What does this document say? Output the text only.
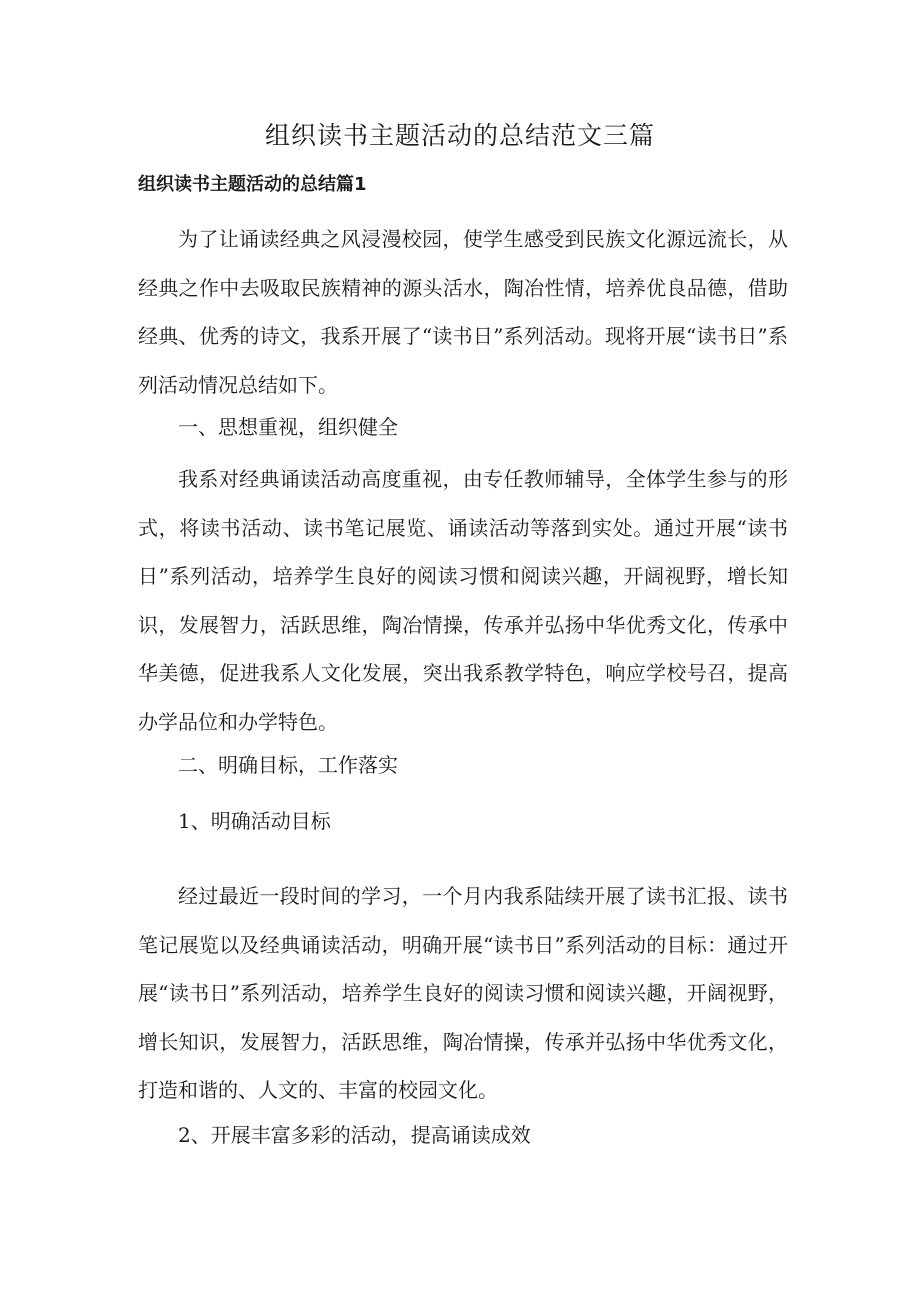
组织读书主题活动的总结范文三篇
组织读书主题活动的总结篇1

为了让诵读经典之风浸漫校园，使学生感受到民族文化源远流长，从经典之作中去吸取民族精神的源头活水，陶冶性情，培养优良品德，借助经典、优秀的诗文，我系开展了“读书日”系列活动。现将开展“读书日”系列活动情况总结如下。

一、思想重视，组织健全

我系对经典诵读活动高度重视，由专任教师辅导，全体学生参与的形式，将读书活动、读书笔记展览、诵读活动等落到实处。通过开展“读书日”系列活动，培养学生良好的阅读习惯和阅读兴趣，开阔视野，增长知识，发展智力，活跃思维，陶冶情操，传承并弘扬中华优秀文化，传承中华美德，促进我系人文化发展，突出我系教学特色，响应学校号召，提高办学品位和办学特色。

二、明确目标，工作落实

1、明确活动目标

经过最近一段时间的学习，一个月内我系陆续开展了读书汇报、读书笔记展览以及经典诵读活动，明确开展“读书日”系列活动的目标：通过开展“读书日”系列活动，培养学生良好的阅读习惯和阅读兴趣，开阔视野，增长知识，发展智力，活跃思维，陶冶情操，传承并弘扬中华优秀文化，打造和谐的、人文的、丰富的校园文化。

2、开展丰富多彩的活动，提高诵读成效
